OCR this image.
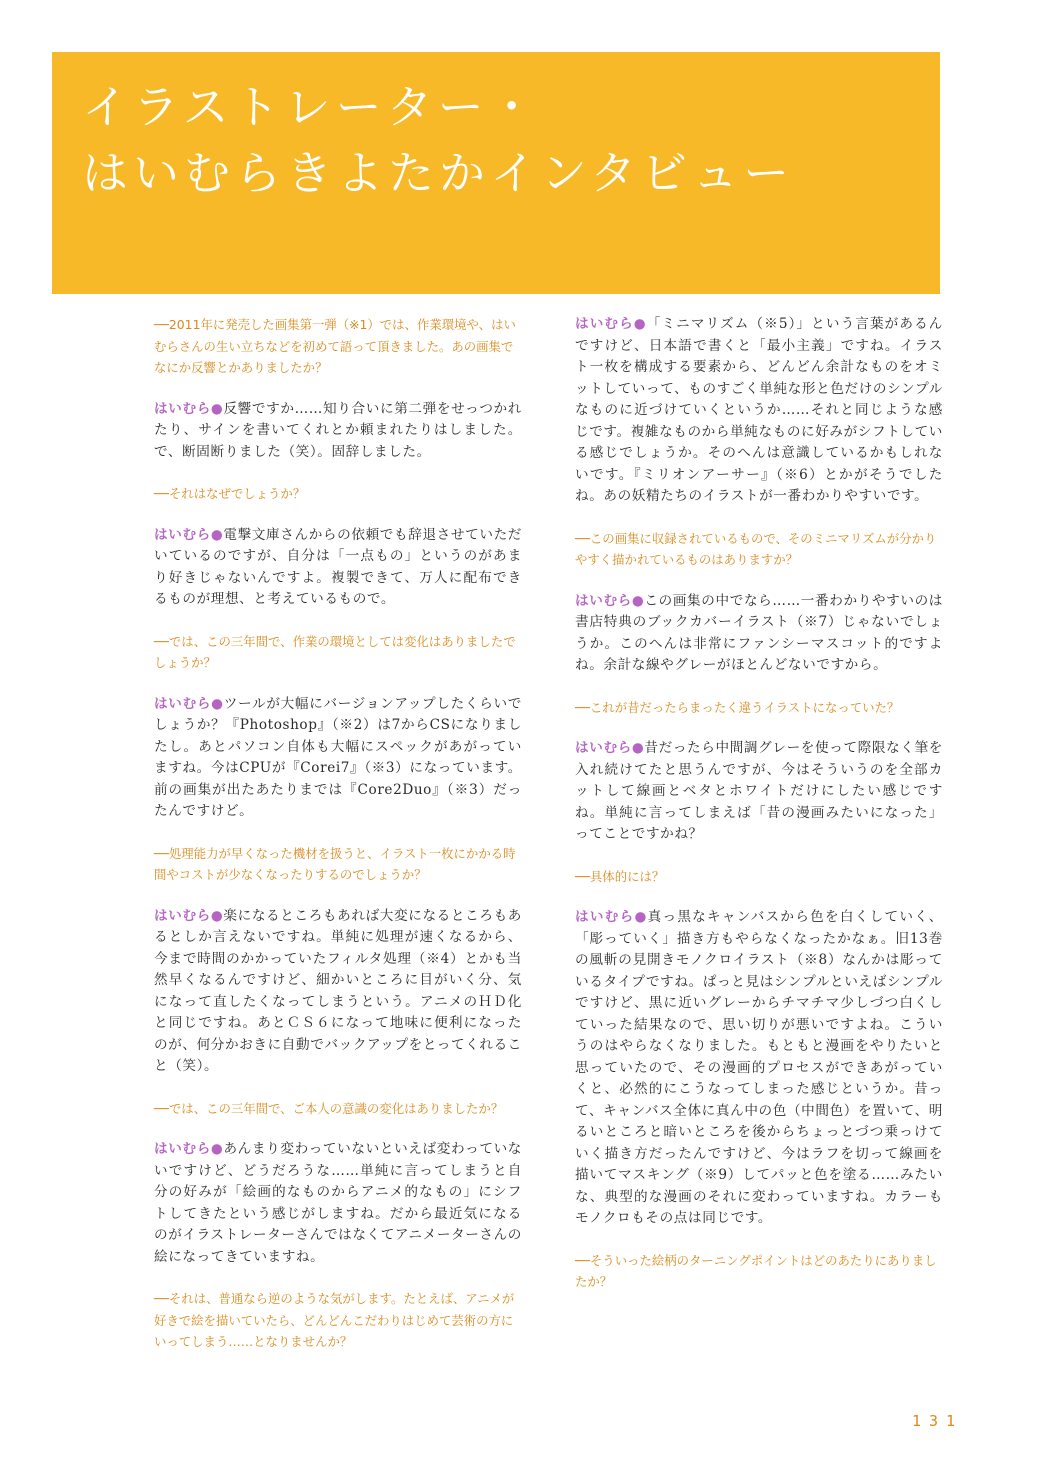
イラストレーター・
はいむらきよたかインタビュー

──2011年に発売した画集第一弾（※1）では、作業環境や、はいむらさんの生い立ちなどを初めて語って頂きました。あの画集でなにか反響とかありましたか？

はいむら●反響ですか……知り合いに第二弾をせっつかれたり、サインを書いてくれとか頼まれたりはしました。で、断固断りました（笑）。固辞しました。

──それはなぜでしょうか？

はいむら●電撃文庫さんからの依頼でも辞退させていただいているのですが、自分は「一点もの」というのがあまり好きじゃないんですよ。複製できて、万人に配布できるものが理想、と考えているもので。

──では、この三年間で、作業の環境としては変化はありましたでしょうか？

はいむら●ツールが大幅にバージョンアップしたくらいでしょうか？『Photoshop』（※2）は7からCSになりましたし。あとパソコン自体も大幅にスペックがあがっていますね。今はCPUが『Corei7』（※3）になっています。前の画集が出たあたりまでは『Core2Duo』（※3）だったんですけど。

──処理能力が早くなった機材を扱うと、イラスト一枚にかかる時間やコストが少なくなったりするのでしょうか？

はいむら●楽になるところもあれば大変になるところもあるとしか言えないですね。単純に処理が速くなるから、今まで時間のかかっていたフィルタ処理（※4）とかも当然早くなるんですけど、細かいところに目がいく分、気になって直したくなってしまうという。アニメのＨＤ化と同じですね。あとＣＳ６になって地味に便利になったのが、何分かおきに自動でバックアップをとってくれること（笑）。

──では、この三年間で、ご本人の意識の変化はありましたか？

はいむら●あんまり変わっていないといえば変わっていないですけど、どうだろうな……単純に言ってしまうと自分の好みが「絵画的なものからアニメ的なもの」にシフトしてきたという感じがしますね。だから最近気になるのがイラストレーターさんではなくてアニメーターさんの絵になってきていますね。

──それは、普通なら逆のような気がします。たとえば、アニメが好きで絵を描いていたら、どんどんこだわりはじめて芸術の方にいってしまう……となりませんか？

はいむら●「ミニマリズム（※5）」という言葉があるんですけど、日本語で書くと「最小主義」ですね。イラスト一枚を構成する要素から、どんどん余計なものをオミットしていって、ものすごく単純な形と色だけのシンプルなものに近づけていくというか……それと同じような感じです。複雑なものから単純なものに好みがシフトしている感じでしょうか。そのへんは意識しているかもしれないです。『ミリオンアーサー』（※6）とかがそうでしたね。あの妖精たちのイラストが一番わかりやすいです。

──この画集に収録されているもので、そのミニマリズムが分かりやすく描かれているものはありますか？

はいむら●この画集の中でなら……一番わかりやすいのは書店特典のブックカバーイラスト（※7）じゃないでしょうか。このへんは非常にファンシーマスコット的ですよね。余計な線やグレーがほとんどないですから。

──これが昔だったらまったく違うイラストになっていた？

はいむら●昔だったら中間調グレーを使って際限なく筆を入れ続けてたと思うんですが、今はそういうのを全部カットして線画とベタとホワイトだけにしたい感じですね。単純に言ってしまえば「昔の漫画みたいになった」ってことですかね？

──具体的には？

はいむら●真っ黒なキャンバスから色を白くしていく、「彫っていく」描き方もやらなくなったかなぁ。旧13巻の風斬の見開きモノクロイラスト（※8）なんかは彫っているタイプですね。ぱっと見はシンプルといえばシンプルですけど、黒に近いグレーからチマチマ少しづつ白くしていった結果なので、思い切りが悪いですよね。こういうのはやらなくなりました。もともと漫画をやりたいと思っていたので、その漫画的プロセスができあがっていくと、必然的にこうなってしまった感じというか。昔って、キャンバス全体に真ん中の色（中間色）を置いて、明るいところと暗いところを後からちょっとづつ乗っけていく描き方だったんですけど、今はラフを切って線画を描いてマスキング（※9）してパッと色を塗る……みたいな、典型的な漫画のそれに変わっていますね。カラーもモノクロもその点は同じです。

──そういった絵柄のターニングポイントはどのあたりにありましたか？

131
